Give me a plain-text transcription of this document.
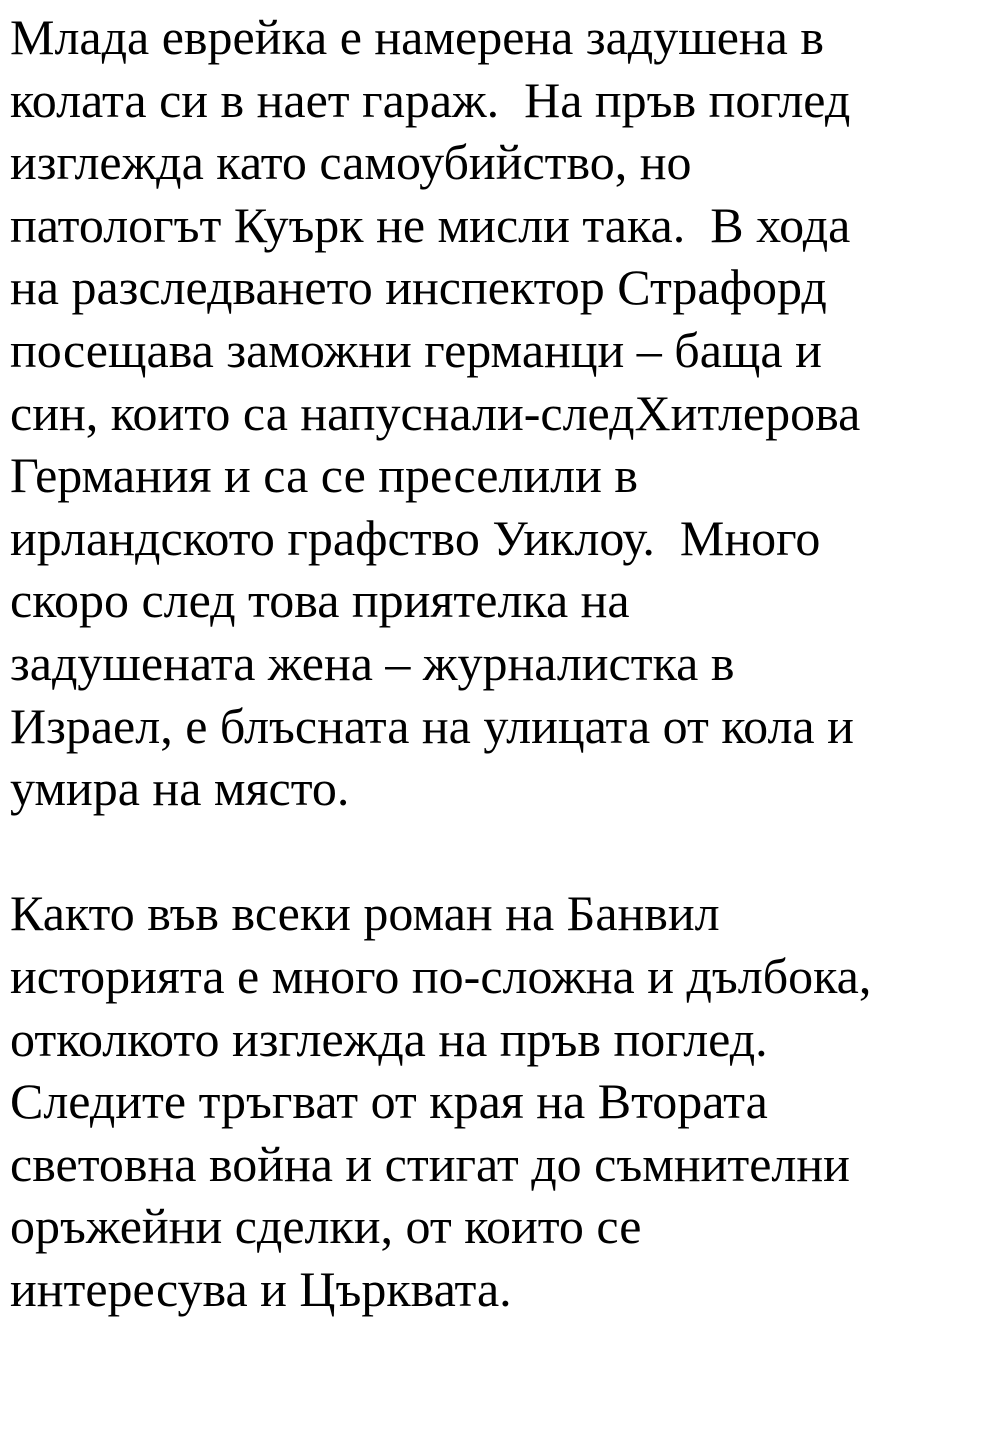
Млада еврейка е намерена задушена в
колата си в нает гараж.  На пръв поглед
изглежда като самоубийство, но
патологът Куърк не мисли така.  В хода
на разследването инспектор Страфорд
посещава заможни германци – баща и
син, които са напуснали-следХитлерова
Германия и са се преселили в
ирландското графство Уиклоу.  Много
скоро след това приятелка на
задушената жена – журналистка в
Израел, е блъсната на улицата от кола и
умира на място.
Както във всеки роман на Банвил
историята е много по-сложна и дълбока,
отколкото изглежда на пръв поглед.
Следите тръгват от края на Втората
световна война и стигат до съмнителни
оръжейни сделки, от които се
интересува и Църквата.
